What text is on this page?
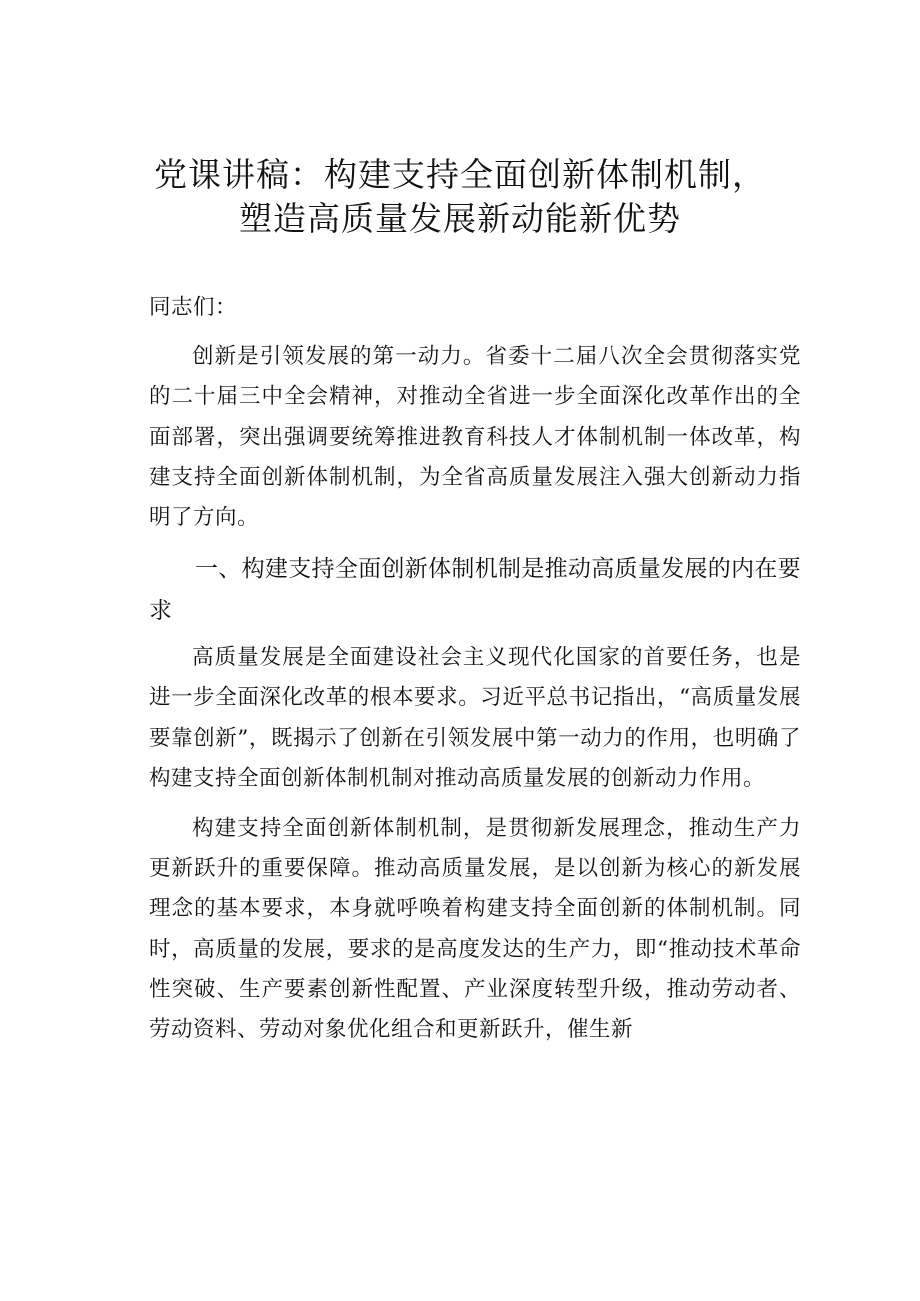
党课讲稿：构建支持全面创新体制机制，
塑造高质量发展新动能新优势

同志们：

创新是引领发展的第一动力。省委十二届八次全会贯彻落实党的二十届三中全会精神，对推动全省进一步全面深化改革作出的全面部署，突出强调要统筹推进教育科技人才体制机制一体改革，构建支持全面创新体制机制，为全省高质量发展注入强大创新动力指明了方向。

一、构建支持全面创新体制机制是推动高质量发展的内在要求

高质量发展是全面建设社会主义现代化国家的首要任务，也是进一步全面深化改革的根本要求。习近平总书记指出，“高质量发展要靠创新”，既揭示了创新在引领发展中第一动力的作用，也明确了构建支持全面创新体制机制对推动高质量发展的创新动力作用。

构建支持全面创新体制机制，是贯彻新发展理念，推动生产力更新跃升的重要保障。推动高质量发展，是以创新为核心的新发展理念的基本要求，本身就呼唤着构建支持全面创新的体制机制。同时，高质量的发展，要求的是高度发达的生产力，即“推动技术革命性突破、生产要素创新性配置、产业深度转型升级，推动劳动者、劳动资料、劳动对象优化组合和更新跃升，催生新
